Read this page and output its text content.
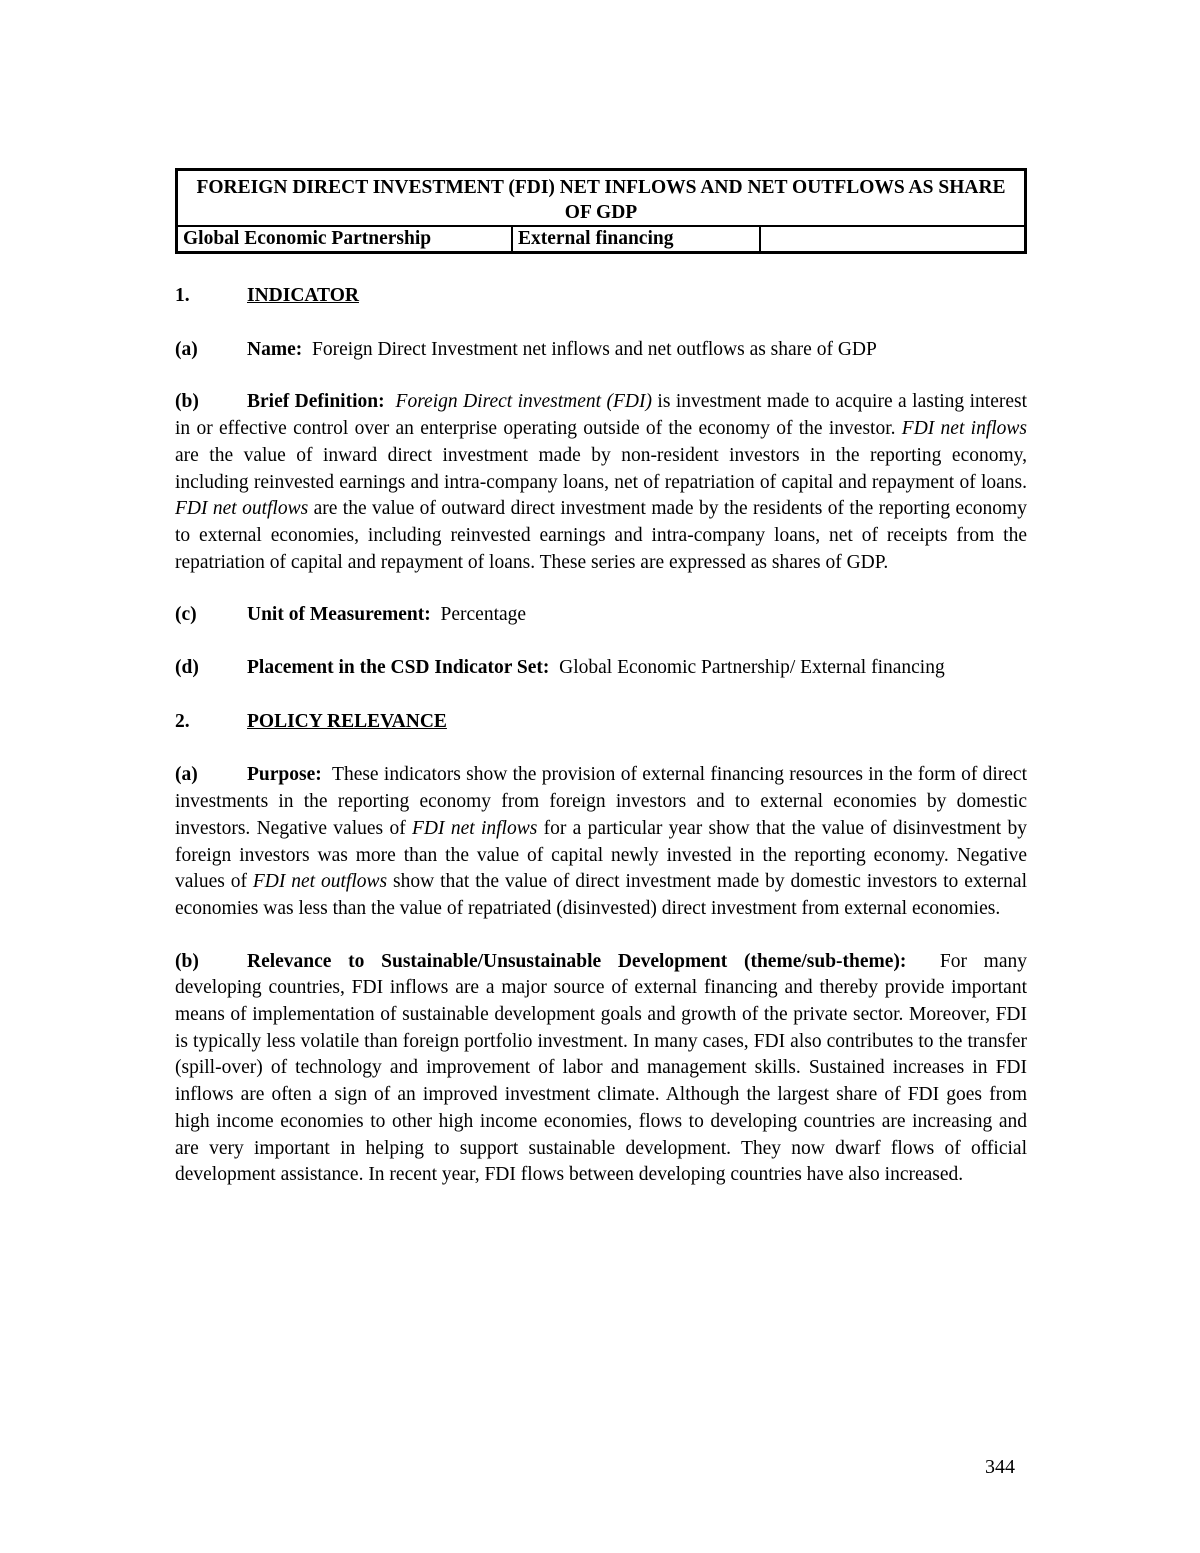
FOREIGN DIRECT INVESTMENT (FDI) NET INFLOWS AND NET OUTFLOWS AS SHARE OF GDP
Global Economic Partnership	External financing	
1.	INDICATOR

(a)	Name: Foreign Direct Investment net inflows and net outflows as share of GDP

(b) Brief Definition: Foreign Direct investment (FDI) is investment made to acquire a lasting interest in or effective control over an enterprise operating outside of the economy of the investor. FDI net inflows are the value of inward direct investment made by non-resident investors in the reporting economy, including reinvested earnings and intra-company loans, net of repatriation of capital and repayment of loans. FDI net outflows are the value of outward direct investment made by the residents of the reporting economy to external economies, including reinvested earnings and intra-company loans, net of receipts from the repatriation of capital and repayment of loans. These series are expressed as shares of GDP.

(c)	Unit of Measurement: Percentage

(d) Placement in the CSD Indicator Set: Global Economic Partnership/ External financing

2.	POLICY RELEVANCE

(a)	Purpose: These indicators show the provision of external financing resources in the form of direct investments in the reporting economy from foreign investors and to external economies by domestic investors. Negative values of FDI net inflows for a particular year show that the value of disinvestment by foreign investors was more than the value of capital newly invested in the reporting economy. Negative values of FDI net outflows show that the value of direct investment made by domestic investors to external economies was less than the value of repatriated (disinvested) direct investment from external economies.

(b) Relevance to Sustainable/Unsustainable Development (theme/sub-theme): For many developing countries, FDI inflows are a major source of external financing and thereby provide important means of implementation of sustainable development goals and growth of the private sector. Moreover, FDI is typically less volatile than foreign portfolio investment. In many cases, FDI also contributes to the transfer (spill-over) of technology and improvement of labor and management skills. Sustained increases in FDI inflows are often a sign of an improved investment climate. Although the largest share of FDI goes from high income economies to other high income economies, flows to developing countries are increasing and are very important in helping to support sustainable development. They now dwarf flows of official development assistance. In recent year, FDI flows between developing countries have also increased.

344
